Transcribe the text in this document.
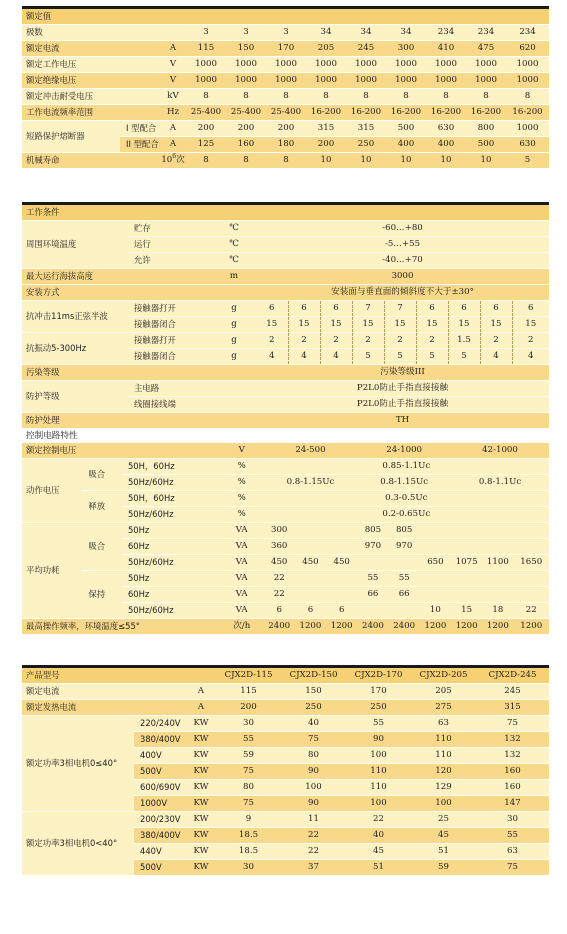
额定值											
极数			3	3	3	34	34	34	234	234	234
额定电流		A	115	150	170	205	245	300	410	475	620
额定工作电压		V	1000	1000	1000	1000	1000	1000	1000	1000	1000
额定绝缘电压		V	1000	1000	1000	1000	1000	1000	1000	1000	1000
额定冲击耐受电压		kV	8	8	8	8	8	8	8	8	8
工作电流频率范围		Hz	25-400	25-400	25-400	16-200	16-200	16-200	16-200	16-200	16-200
短路保护熔断器	I 型配合	A	200	200	200	315	315	500	630	800	1000
	II 型配合	A	125	160	180	200	250	400	400	500	630
机械寿命		$10^6$次	8	8	8	10	10	10	10	10	5
工作条件											
周围环境温度	贮存	℃	-60…+80								
	运行	℃	-5…+55								
	允许	℃	-40…+70								
最大运行海拔高度		m	3000								
安装方式			安装面与垂直面的倾斜度不大于±30°								
抗冲击11ms正弦半波	接触器打开	g	6	6	6	7	7	6	6	6	6
	接触器闭合	g	15	15	15	15	15	15	15	15	15
抗振动5-300Hz	接触器打开	g	2	2	2	2	2	2	1.5	2	2
	接触器闭合	g	4	4	4	5	5	5	5	4	4
污染等级			污染等级III								
防护等级	主电路		P2L0防止手指直接接触								
	线圈接线端		P2L0防止手指直接接触								
防护处理			TH								
控制电路特性
额定控制电压			V	24-500			24-1000			42-1000		
动作电压	吸合	50H，60Hz	%	0.85-1.1Uc								
		50Hz/60Hz	%	0.8-1.15Uc			0.8-1.15Uc			0.8-1.1Uc		
	释放	50H，60Hz	%	0.3-0.5Uc								
		50Hz/60Hz	%	0.2-0.65Uc								
平均功耗	吸合	50Hz	VA	300			805	805				
		60Hz	VA	360			970	970				
		50Hz/60Hz	VA	450	450	450			650	1075	1100	1650
	保持	50Hz	VA	22			55	55				
		60Hz	VA	22			66	66				
		50Hz/60Hz	VA	6	6	6			10	15	18	22
最高操作频率，环境温度≤55°			次/h	2400	1200	1200	2400	2400	1200	1200	1200	1200
产品型号			CJX2D-115	CJX2D-150	CJX2D-170	CJX2D-205	CJX2D-245
额定电流		A	115	150	170	205	245
额定发热电流		A	200	250	250	275	315
额定功率3相电机0≤40°	220/240V	KW	30	40	55	63	75
	380/400V	KW	55	75	90	110	132
	400V	KW	59	80	100	110	132
	500V	KW	75	90	110	120	160
	600/690V	KW	80	100	110	129	160
	1000V	KW	75	90	100	100	147
额定功率3相电机0<40°	200/230V	KW	9	11	22	25	30
	380/400V	KW	18.5	22	40	45	55
	440V	KW	18.5	22	45	51	63
	500V	KW	30	37	51	59	75
